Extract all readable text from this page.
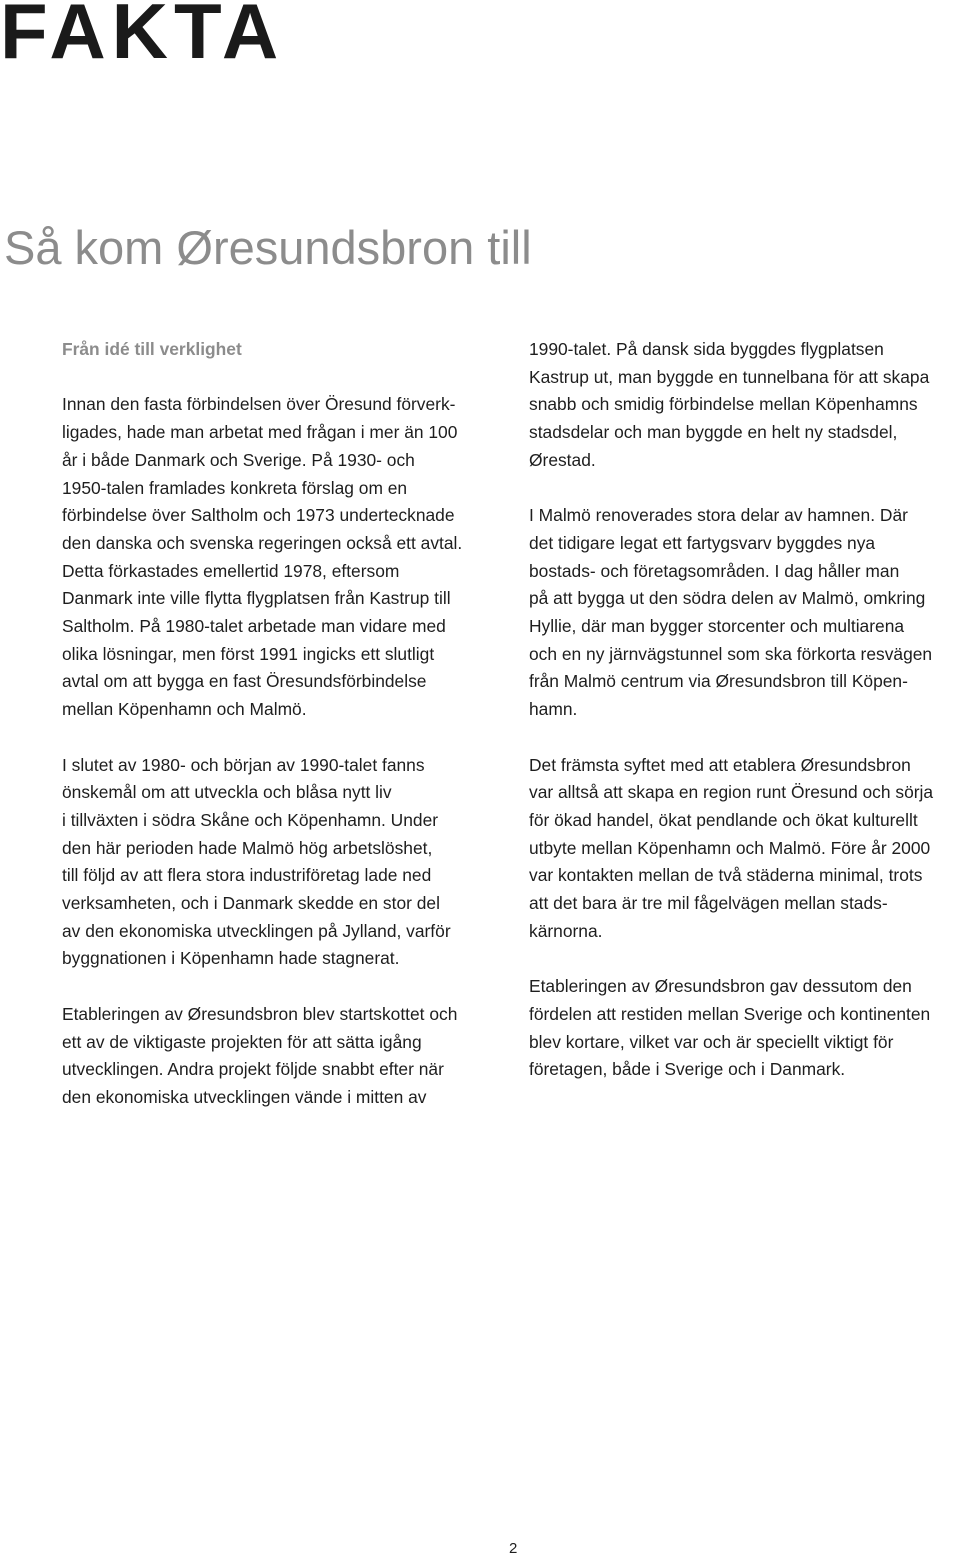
FAKTA
Så kom Øresundsbron till
Från idé till verklighet
Innan den fasta förbindelsen över Öresund förverk-
ligades, hade man arbetat med frågan i mer än 100
år i både Danmark och Sverige. På 1930- och
1950-talen framlades konkreta förslag om en
förbindelse över Saltholm och 1973 undertecknade
den danska och svenska regeringen också ett avtal.
Detta förkastades emellertid 1978, eftersom
Danmark inte ville flytta flygplatsen från Kastrup till
Saltholm. På 1980-talet arbetade man vidare med
olika lösningar, men först 1991 ingicks ett slutligt
avtal om att bygga en fast Öresundsförbindelse
mellan Köpenhamn och Malmö.
I slutet av 1980- och början av 1990-talet fanns
önskemål om att utveckla och blåsa nytt liv
i tillväxten i södra Skåne och Köpenhamn. Under
den här perioden hade Malmö hög arbetslöshet,
till följd av att flera stora industriföretag lade ned
verksamheten, och i Danmark skedde en stor del
av den ekonomiska utvecklingen på Jylland, varför
byggnationen i Köpenhamn hade stagnerat.
Etableringen av Øresundsbron blev startskottet och
ett av de viktigaste projekten för att sätta igång
utvecklingen. Andra projekt följde snabbt efter när
den ekonomiska utvecklingen vände i mitten av
1990-talet. På dansk sida byggdes flygplatsen
Kastrup ut, man byggde en tunnelbana för att skapa
snabb och smidig förbindelse mellan Köpenhamns
stadsdelar och man byggde en helt ny stadsdel,
Ørestad.
I Malmö renoverades stora delar av hamnen. Där
det tidigare legat ett fartygsvarv byggdes nya
bostads- och företagsområden. I dag håller man
på att bygga ut den södra delen av Malmö, omkring
Hyllie, där man bygger storcenter och multiarena
och en ny järnvägstunnel som ska förkorta resvägen
från Malmö centrum via Øresundsbron till Köpen-
hamn.
Det främsta syftet med att etablera Øresundsbron
var alltså att skapa en region runt Öresund och sörja
för ökad handel, ökat pendlande och ökat kulturellt
utbyte mellan Köpenhamn och Malmö. Före år 2000
var kontakten mellan de två städerna minimal, trots
att det bara är tre mil fågelvägen mellan stads-
kärnorna.
Etableringen av Øresundsbron gav dessutom den
fördelen att restiden mellan Sverige och kontinenten
blev kortare, vilket var och är speciellt viktigt för
företagen, både i Sverige och i Danmark.
2
